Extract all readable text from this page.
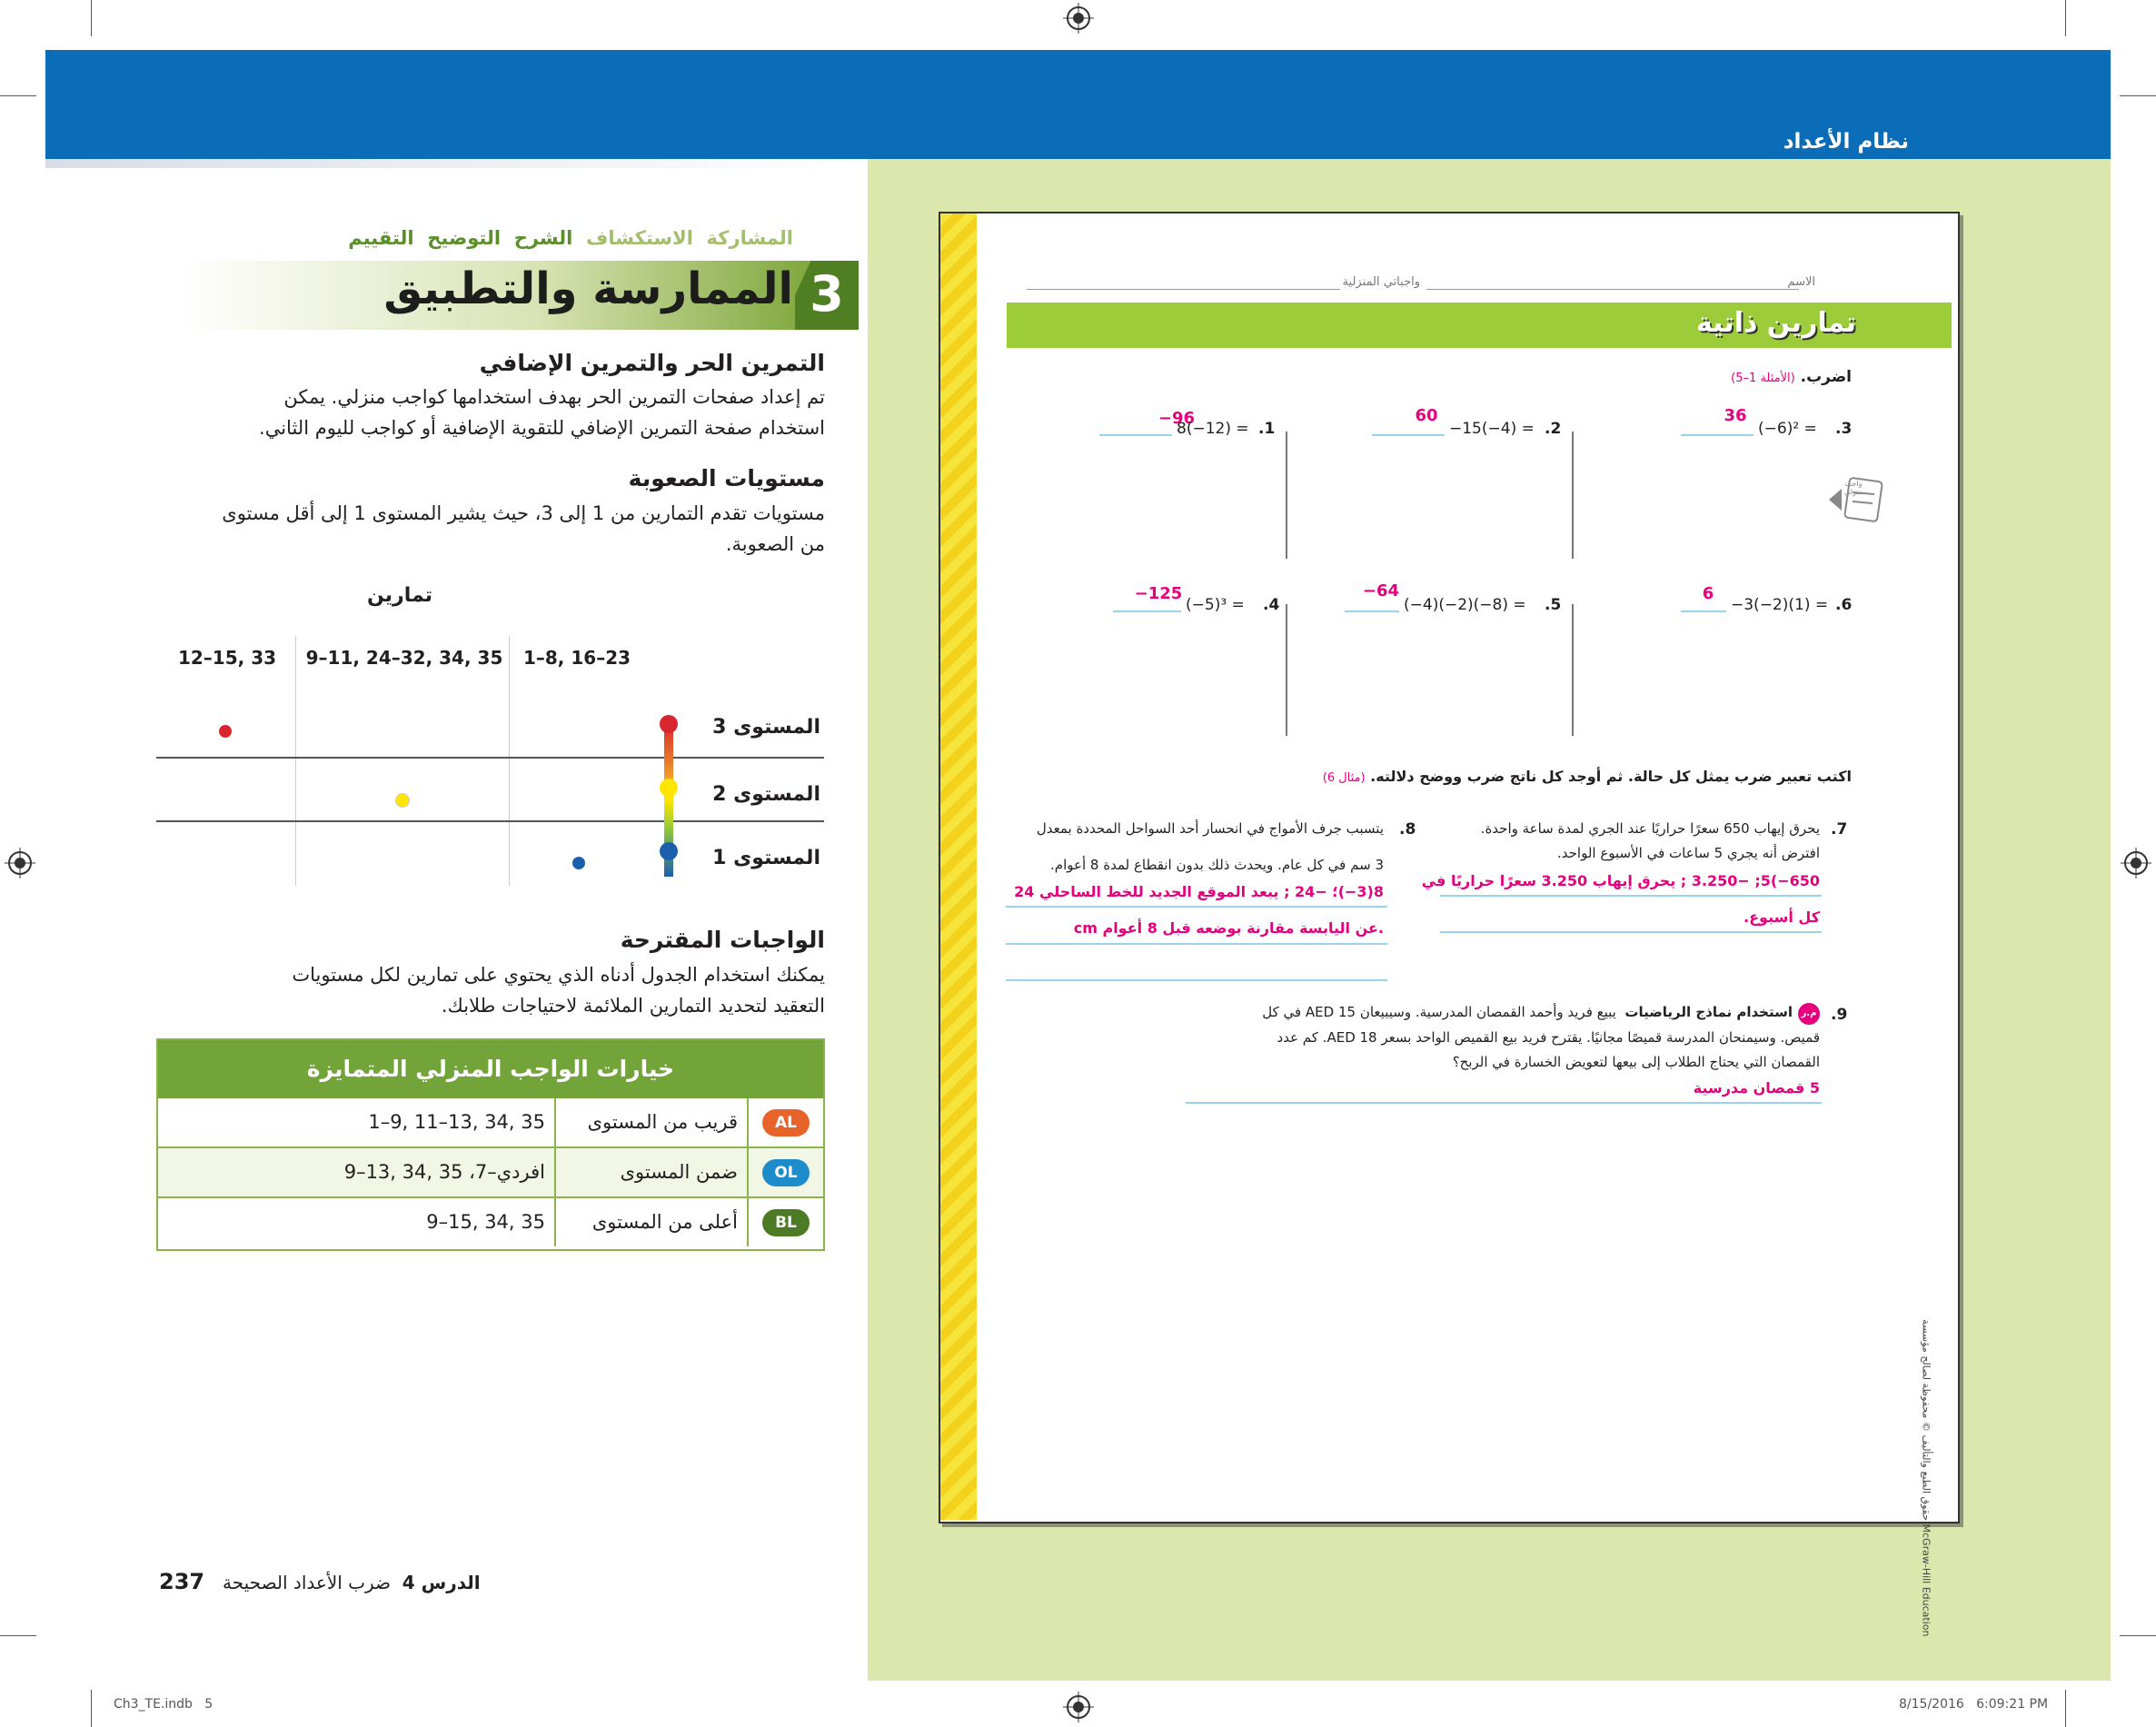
نظام الأعداد
المشاركة  الاستكشاف  الشرح  التوضيح  التقييم
3
الممارسة والتطبيق
التمرين الحر والتمرين الإضافي
تم إعداد صفحات التمرين الحر بهدف استخدامها كواجب منزلي. يمكن
استخدام صفحة التمرين الإضافي للتقوية الإضافية أو كواجب لليوم الثاني.
مستويات الصعوبة
مستويات تقدم التمارين من 1 إلى 3، حيث يشير المستوى 1 إلى أقل مستوى
من الصعوبة.
تمارين
1–8, 16–23
9–11, 24–32, 34, 35
12–15, 33
المستوى 3
المستوى 2
المستوى 1
الواجبات المقترحة
يمكنك استخدام الجدول أدناه الذي يحتوي على تمارين لكل مستويات
التعقيد لتحديد التمارين الملائمة لاحتياجات طلابك.
خيارات الواجب المنزلي المتمايزة
AL
قريب من المستوى
1–9, 11–13, 34, 35
OL
ضمن المستوى
9–13, 34, 35 ،7–افردي
BL
أعلى من المستوى
9–15, 34, 35
237	الدرس 4  ضرب الأعداد الصحيحة
Ch3_TE.indb   5	8/15/2016   6:09:21 PM
الاسم
واجباتي المنزلية
تمارين ذاتية
اضرب. (الأمثلة 1–5)
−96
8(−12) = .1
60
−15(−4) = .2
36
(−6)² = .3
−125
(−5)³ = .4
−64
(−4)(−2)(−8) = .5
6
−3(−2)(1) = .6
اكتب تعبير ضرب يمثل كل حالة. ثم أوجد كل ناتج ضرب ووضح دلالته. (مثال 6)
.7
يحرق إيهاب 650 سعرًا حراريًا عند الجري لمدة ساعة واحدة.
افترض أنه يجري 5 ساعات في الأسبوع الواحد.
650−)5; −3.250 ; يحرق إيهاب 3.250 سعرًا حراريًا في
كل أسبوع.
.8
يتسبب جرف الأمواج في انحسار أحد السواحل المحددة بمعدل
3 سم في كل عام. ويحدث ذلك بدون انقطاع لمدة 8 أعوام.
8(3−)؛ −24 ; يبعد الموقع الجديد للخط الساحلي 24
cm عن اليابسة مقارنة بوضعه قبل 8 أعوام.
.9
م.ر
استخدام نماذج الرياضيات  يبيع فريد وأحمد القمصان المدرسية. وسيبيعان AED 15 في كل
قميص. وسيمنحان المدرسة قميصًا مجانيًا. يقترح فريد بيع القميص الواحد بسعر AED 18. كم عدد
القمصان التي يحتاج الطلاب إلى بيعها لتعويض الخسارة في الربح؟
5 قمصان مدرسية
McGraw-Hill Education حقوق الطبع والتأليف © محفوظة لصالح مؤسسة
واجب منزلي
